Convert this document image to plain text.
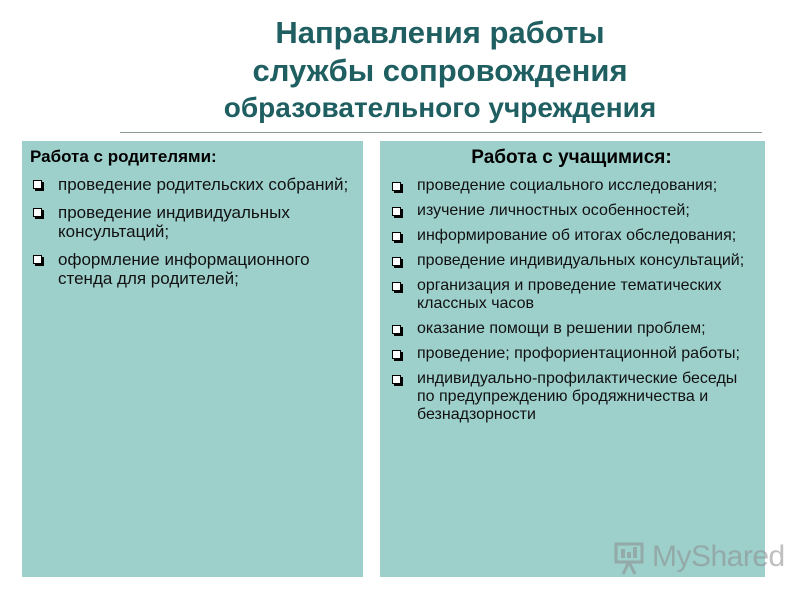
Направления работы
службы сопровождения
образовательного учреждения
Работа с родителями:
проведение родительских собраний;
проведение индивидуальных консультаций;
оформление информационного стенда для родителей;
Работа с учащимися:
проведение социального исследования;
изучение личностных особенностей;
информирование об итогах обследования;
проведение индивидуальных консультаций;
организация и проведение тематических классных часов
оказание помощи в решении проблем;
проведение; профориентационной работы;
индивидуально-профилактические беседы по предупреждению бродяжничества и безнадзорности
MyShared
